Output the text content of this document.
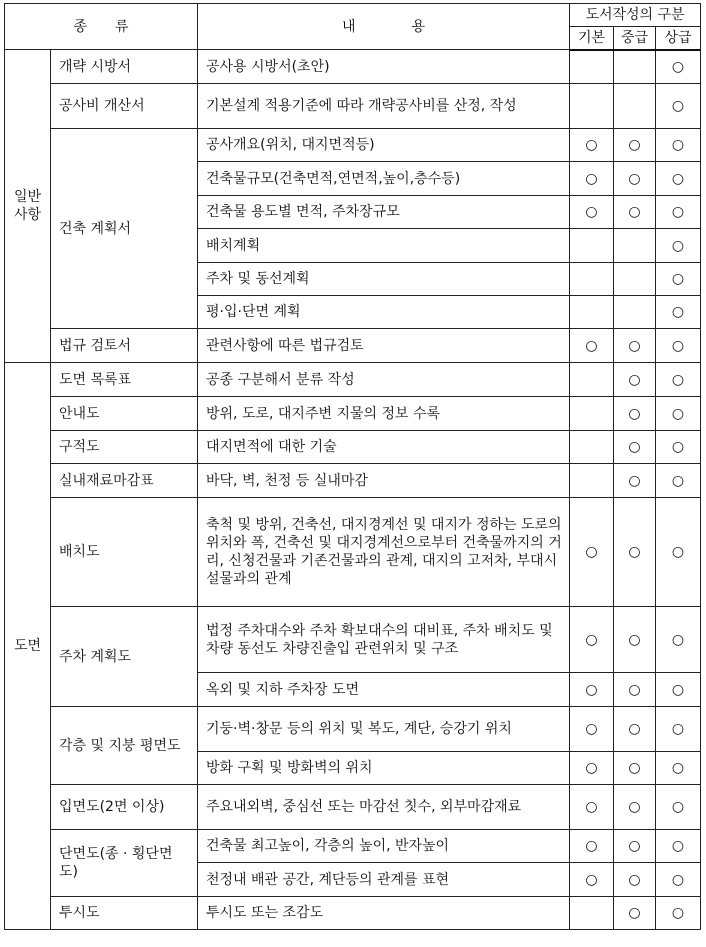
종　　류		내　　　　용	도서작성의 구분		
			기본	중급	상급
일반
사항	개략 시방서	공사용 시방서(초안)			○
	공사비 개산서	기본설계 적용기준에 따라 개략공사비를 산정, 작성			○
	건축 계획서	공사개요(위치, 대지면적등)	○	○	○
		건축물규모(건축면적,연면적,높이,층수등)	○	○	○
		건축물 용도별 면적, 주차장규모	○	○	○
		배치계획			○
		주차 및 동선계획			○
		평·입·단면 계획			○
	법규 검토서	관련사항에 따른 법규검토	○	○	○
도면	도면 목록표	공종 구분해서 분류 작성		○	○
	안내도	방위, 도로, 대지주변 지물의 정보 수록		○	○
	구적도	대지면적에 대한 기술		○	○
	실내재료마감표	바닥, 벽, 천정 등 실내마감		○	○
	배치도	축척 및 방위, 건축선, 대지경계선 및 대지가 정하는 도로의 위치와 폭, 건축선 및 대지경계선으로부터 건축물까지의 거리, 신청건물과 기존건물과의 관계, 대지의 고저차, 부대시설물과의 관계	○	○	○
	주차 계획도	법정 주차대수와 주차 확보대수의 대비표, 주차 배치도 및 차량 동선도 차량진출입 관련위치 및 구조	○	○	○
		옥외 및 지하 주차장 도면	○	○	○
	각층 및 지붕 평면도	기둥·벽·창문 등의 위치 및 복도, 계단, 승강기 위치	○	○	○
		방화 구획 및 방화벽의 위치	○	○	○
	입면도(2면 이상)	주요내외벽, 중심선 또는 마감선 칫수, 외부마감재료	○	○	○
	단면도(종 · 횡단면도)	건축물 최고높이, 각층의 높이, 반자높이	○	○	○
		천정내 배관 공간, 계단등의 관계를 표현	○	○	○
	투시도	투시도 또는 조감도		○	○
